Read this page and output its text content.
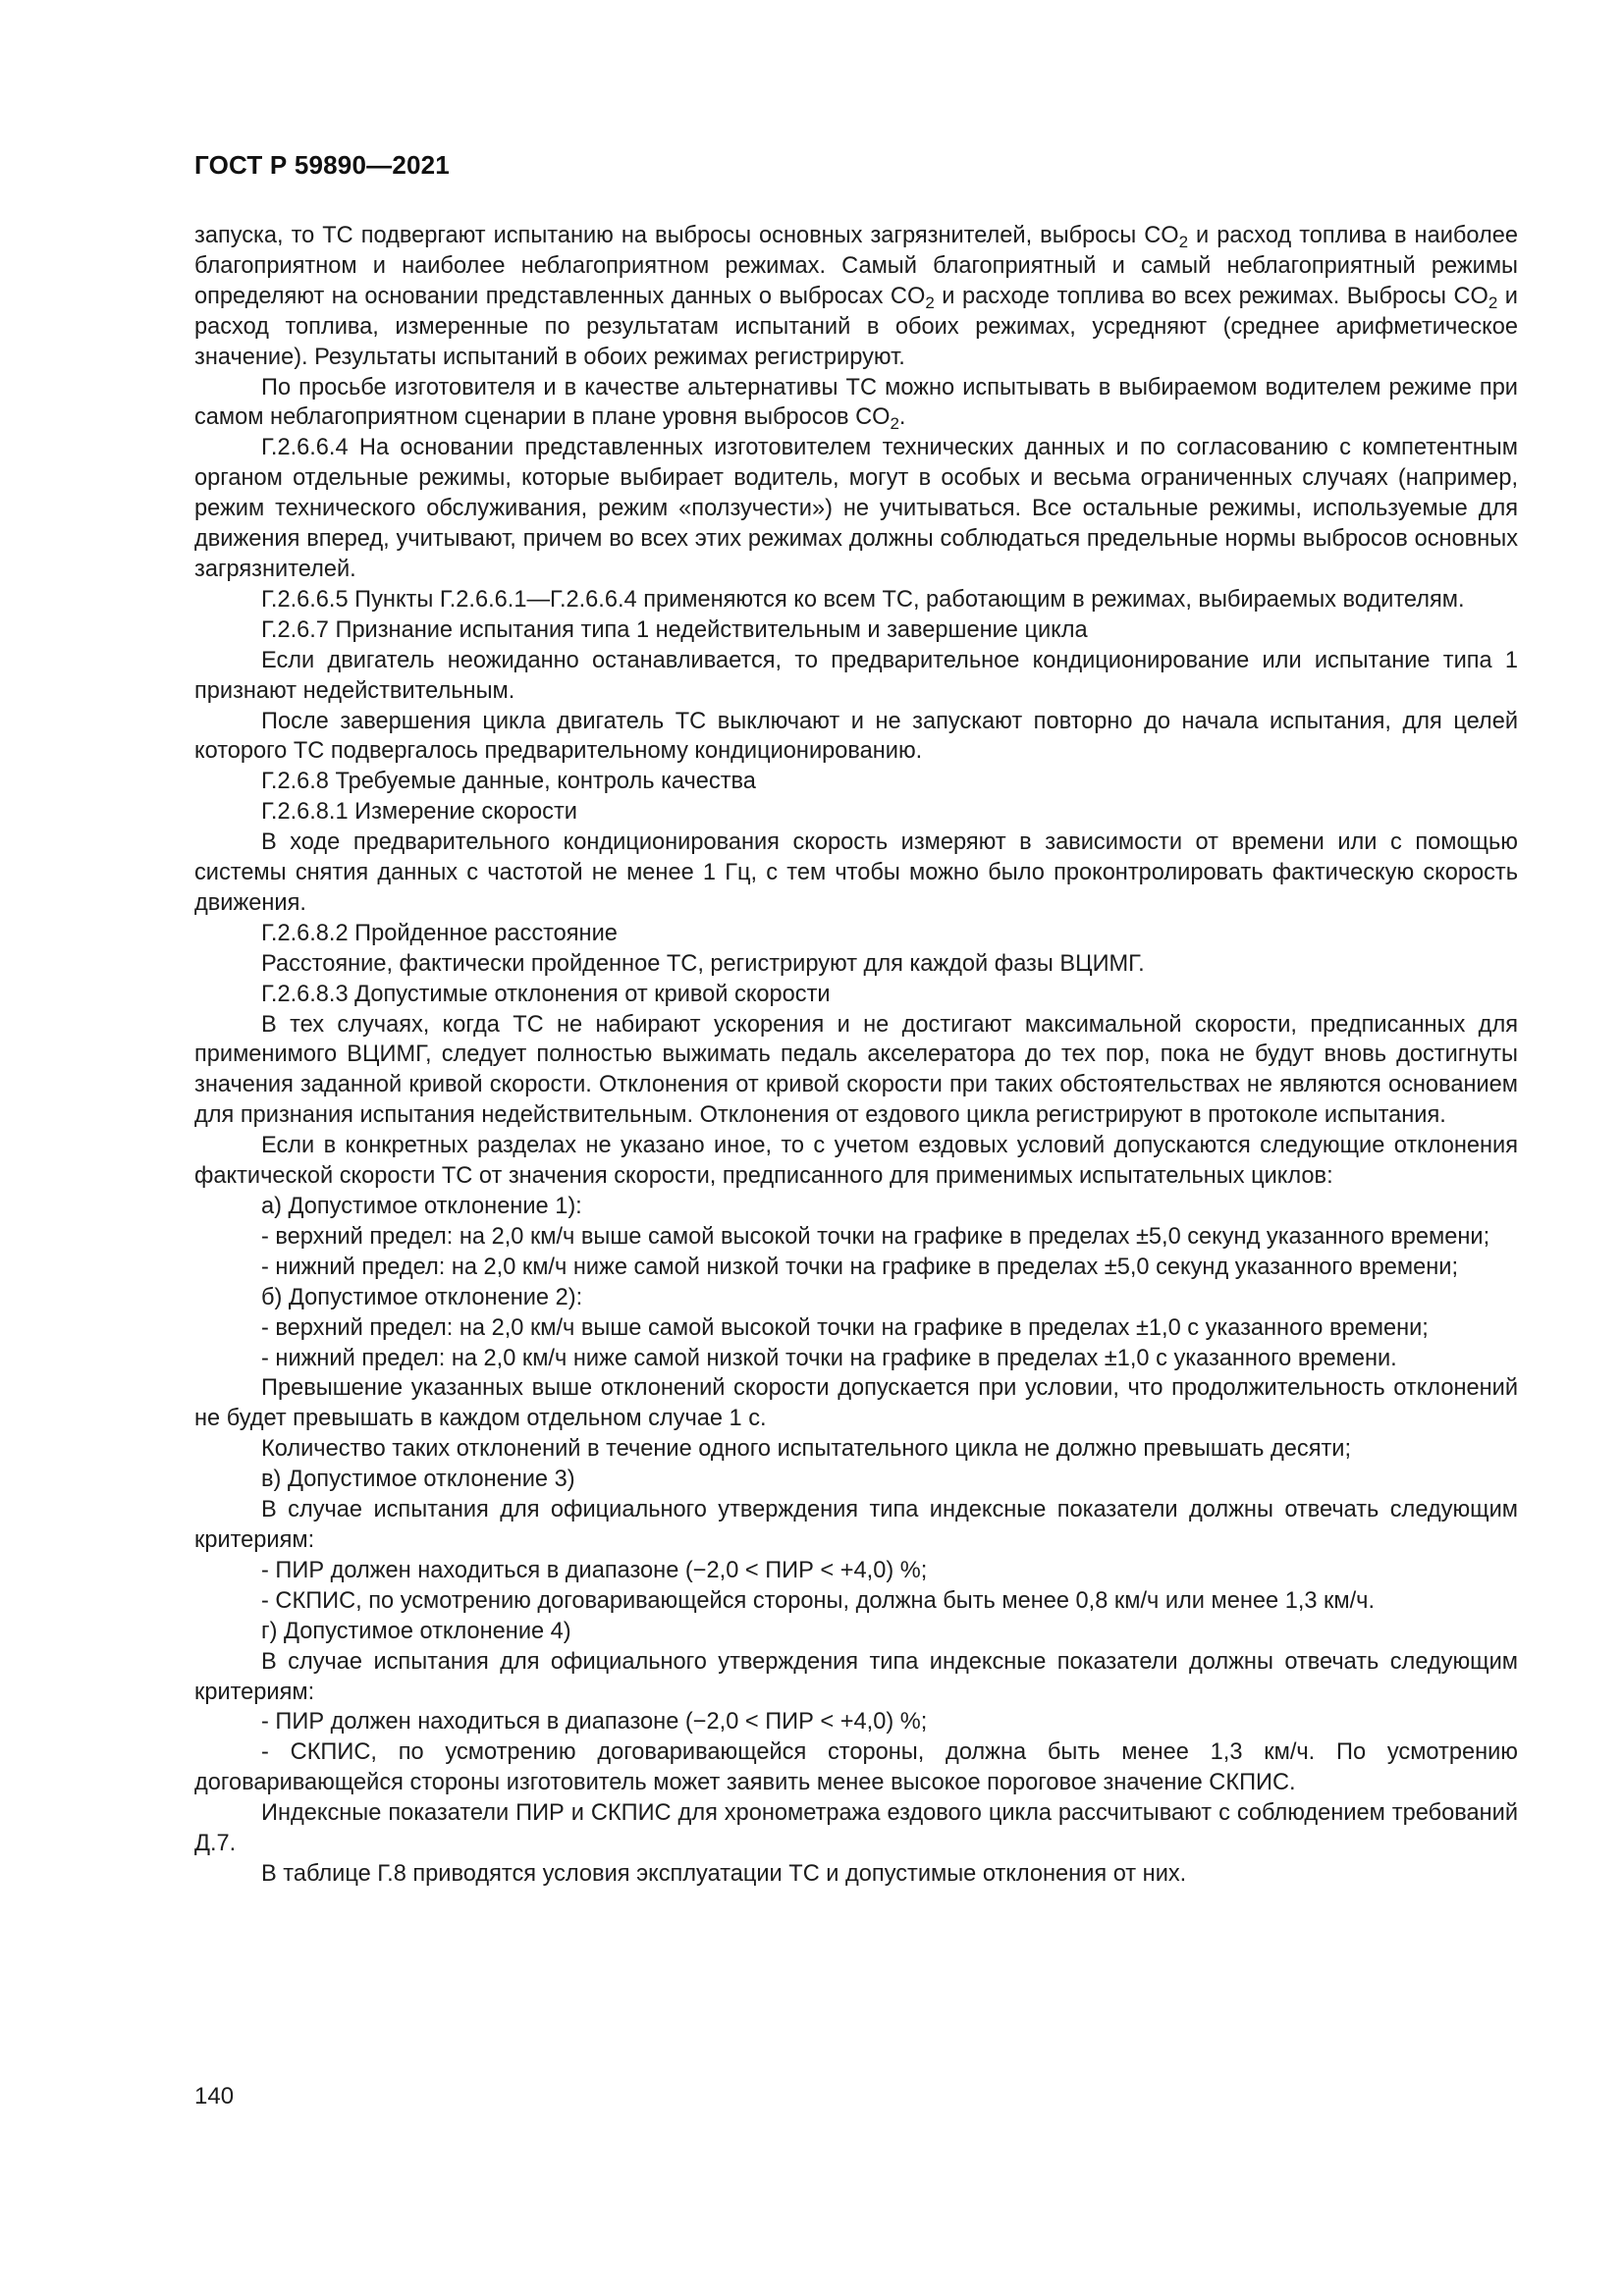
ГОСТ Р 59890—2021

запуска, то ТС подвергают испытанию на выбросы основных загрязнителей, выбросы $CO_2$ и расход топлива в наиболее благоприятном и наиболее неблагоприятном режимах. Самый благоприятный и самый неблагоприятный режимы определяют на основании представленных данных о выбросах $CO_2$ и расходе топлива во всех режимах. Выбросы $CO_2$ и расход топлива, измеренные по результатам испытаний в обоих режимах, усредняют (среднее арифметическое значение). Результаты испытаний в обоих режимах регистрируют.

По просьбе изготовителя и в качестве альтернативы ТС можно испытывать в выбираемом водителем режиме при самом неблагоприятном сценарии в плане уровня выбросов $CO_2$.

Г.2.6.6.4 На основании представленных изготовителем технических данных и по согласованию с компетентным органом отдельные режимы, которые выбирает водитель, могут в особых и весьма ограниченных случаях (например, режим технического обслуживания, режим «ползучести») не учитываться. Все остальные режимы, используемые для движения вперед, учитывают, причем во всех этих режимах должны соблюдаться предельные нормы выбросов основных загрязнителей.

Г.2.6.6.5 Пункты Г.2.6.6.1—Г.2.6.6.4 применяются ко всем ТС, работающим в режимах, выбираемых водителям.

Г.2.6.7 Признание испытания типа 1 недействительным и завершение цикла

Если двигатель неожиданно останавливается, то предварительное кондиционирование или испытание типа 1 признают недействительным.

После завершения цикла двигатель ТС выключают и не запускают повторно до начала испытания, для целей которого ТС подвергалось предварительному кондиционированию.

Г.2.6.8 Требуемые данные, контроль качества

Г.2.6.8.1 Измерение скорости

В ходе предварительного кондиционирования скорость измеряют в зависимости от времени или с помощью системы снятия данных с частотой не менее 1 Гц, с тем чтобы можно было проконтролировать фактическую скорость движения.

Г.2.6.8.2 Пройденное расстояние

Расстояние, фактически пройденное ТС, регистрируют для каждой фазы ВЦИМГ.

Г.2.6.8.3 Допустимые отклонения от кривой скорости

В тех случаях, когда ТС не набирают ускорения и не достигают максимальной скорости, предписанных для применимого ВЦИМГ, следует полностью выжимать педаль акселератора до тех пор, пока не будут вновь достигнуты значения заданной кривой скорости. Отклонения от кривой скорости при таких обстоятельствах не являются основанием для признания испытания недействительным. Отклонения от ездового цикла регистрируют в протоколе испытания.

Если в конкретных разделах не указано иное, то с учетом ездовых условий допускаются следующие отклонения фактической скорости ТС от значения скорости, предписанного для применимых испытательных циклов:

а) Допустимое отклонение 1):

- верхний предел: на 2,0 км/ч выше самой высокой точки на графике в пределах ±5,0 секунд указанного времени;

- нижний предел: на 2,0 км/ч ниже самой низкой точки на графике в пределах ±5,0 секунд указанного времени;

б) Допустимое отклонение 2):

- верхний предел: на 2,0 км/ч выше самой высокой точки на графике в пределах ±1,0 с указанного времени;

- нижний предел: на 2,0 км/ч ниже самой низкой точки на графике в пределах ±1,0 с указанного времени.

Превышение указанных выше отклонений скорости допускается при условии, что продолжительность отклонений не будет превышать в каждом отдельном случае 1 с.

Количество таких отклонений в течение одного испытательного цикла не должно превышать десяти;

в) Допустимое отклонение 3)

В случае испытания для официального утверждения типа индексные показатели должны отвечать следующим критериям:

- ПИР должен находиться в диапазоне (−2,0 < ПИР < +4,0) %;

- СКПИС, по усмотрению договаривающейся стороны, должна быть менее 0,8 км/ч или менее 1,3 км/ч.

г) Допустимое отклонение 4)

В случае испытания для официального утверждения типа индексные показатели должны отвечать следующим критериям:

- ПИР должен находиться в диапазоне (−2,0 < ПИР < +4,0) %;

- СКПИС, по усмотрению договаривающейся стороны, должна быть менее 1,3 км/ч. По усмотрению договаривающейся стороны изготовитель может заявить менее высокое пороговое значение СКПИС.

Индексные показатели ПИР и СКПИС для хронометража ездового цикла рассчитывают с соблюдением требований Д.7.

В таблице Г.8 приводятся условия эксплуатации ТС и допустимые отклонения от них.

140
